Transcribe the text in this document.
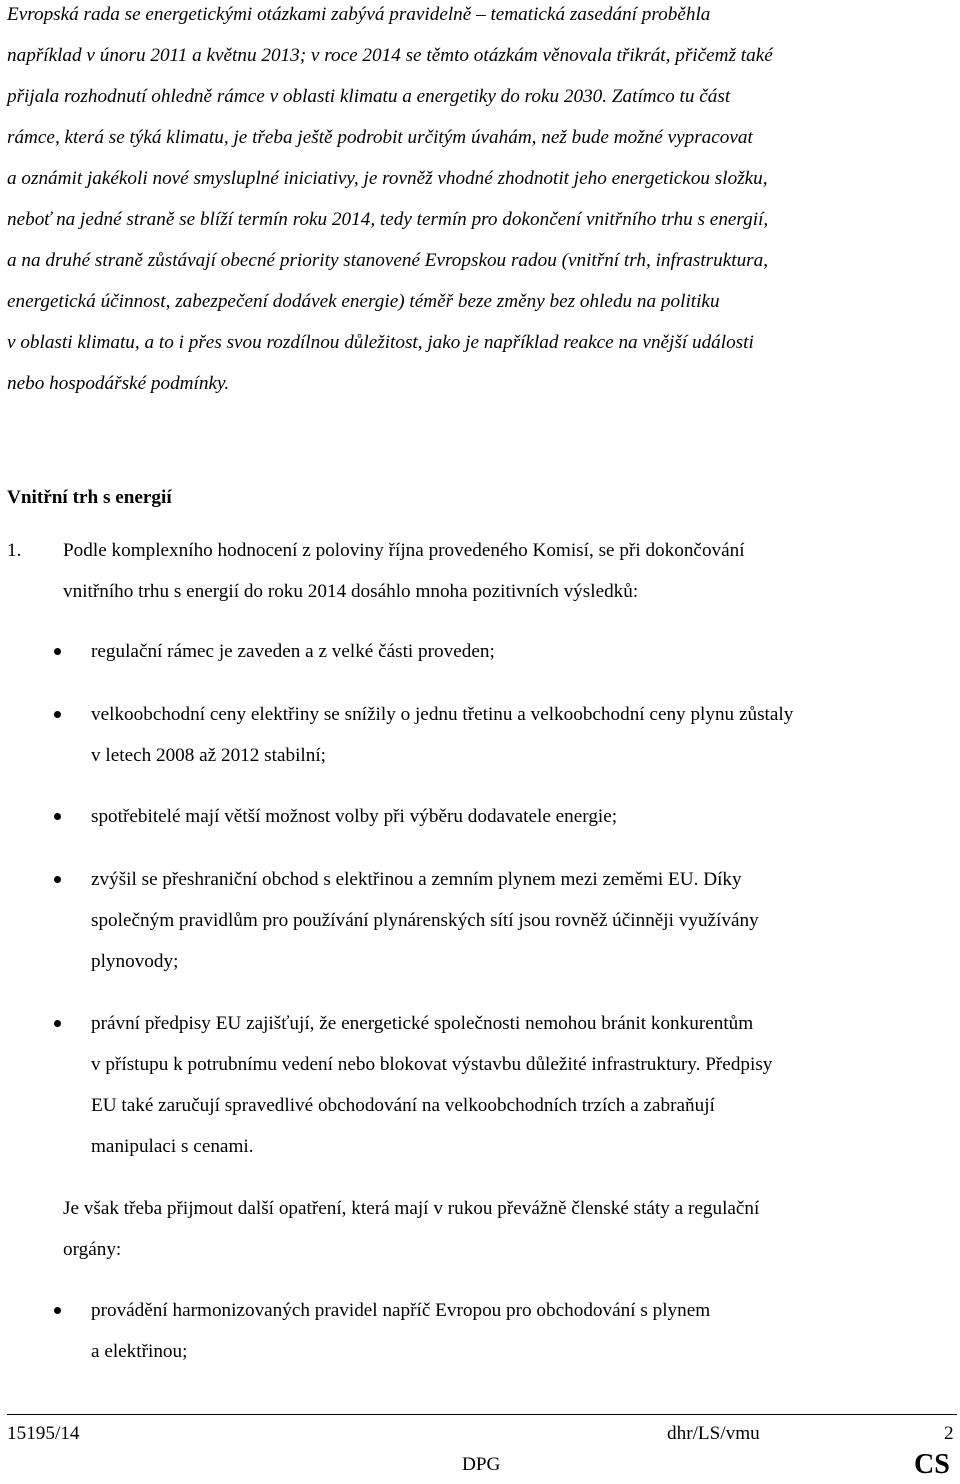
Evropská rada se energetickými otázkami zabývá pravidelně – tematická zasedání proběhla
například v únoru 2011 a květnu 2013; v roce 2014 se těmto otázkám věnovala třikrát, přičemž také
přijala rozhodnutí ohledně rámce v oblasti klimatu a energetiky do roku 2030. Zatímco tu část
rámce, která se týká klimatu, je třeba ještě podrobit určitým úvahám, než bude možné vypracovat
a oznámit jakékoli nové smysluplné iniciativy, je rovněž vhodné zhodnotit jeho energetickou složku,
neboť na jedné straně se blíží termín roku 2014, tedy termín pro dokončení vnitřního trhu s energií,
a na druhé straně zůstávají obecné priority stanovené Evropskou radou (vnitřní trh, infrastruktura,
energetická účinnost, zabezpečení dodávek energie) téměř beze změny bez ohledu na politiku
v oblasti klimatu, a to i přes svou rozdílnou důležitost, jako je například reakce na vnější události
nebo hospodářské podmínky.
Vnitřní trh s energií
1. Podle komplexního hodnocení z poloviny října provedeného Komisí, se při dokončování
vnitřního trhu s energií do roku 2014 dosáhlo mnoha pozitivních výsledků:
regulační rámec je zaveden a z velké části proveden;
velkoobchodní ceny elektřiny se snížily o jednu třetinu a velkoobchodní ceny plynu zůstaly
v letech 2008 až 2012 stabilní;
spotřebitelé mají větší možnost volby při výběru dodavatele energie;
zvýšil se přeshraniční obchod s elektřinou a zemním plynem mezi zeměmi EU. Díky
společným pravidlům pro používání plynárenských sítí jsou rovněž účinněji využívány
plynovody;
právní předpisy EU zajišťují, že energetické společnosti nemohou bránit konkurentům
v přístupu k potrubnímu vedení nebo blokovat výstavbu důležité infrastruktury. Předpisy
EU také zaručují spravedlivé obchodování na velkoobchodních trzích a zabraňují
manipulaci s cenami.
Je však třeba přijmout další opatření, která mají v rukou převážně členské státy a regulační
orgány:
provádění harmonizovaných pravidel napříč Evropou pro obchodování s plynem
a elektřinou;
15195/14	dhr/LS/vmu	2
DPG	CS
